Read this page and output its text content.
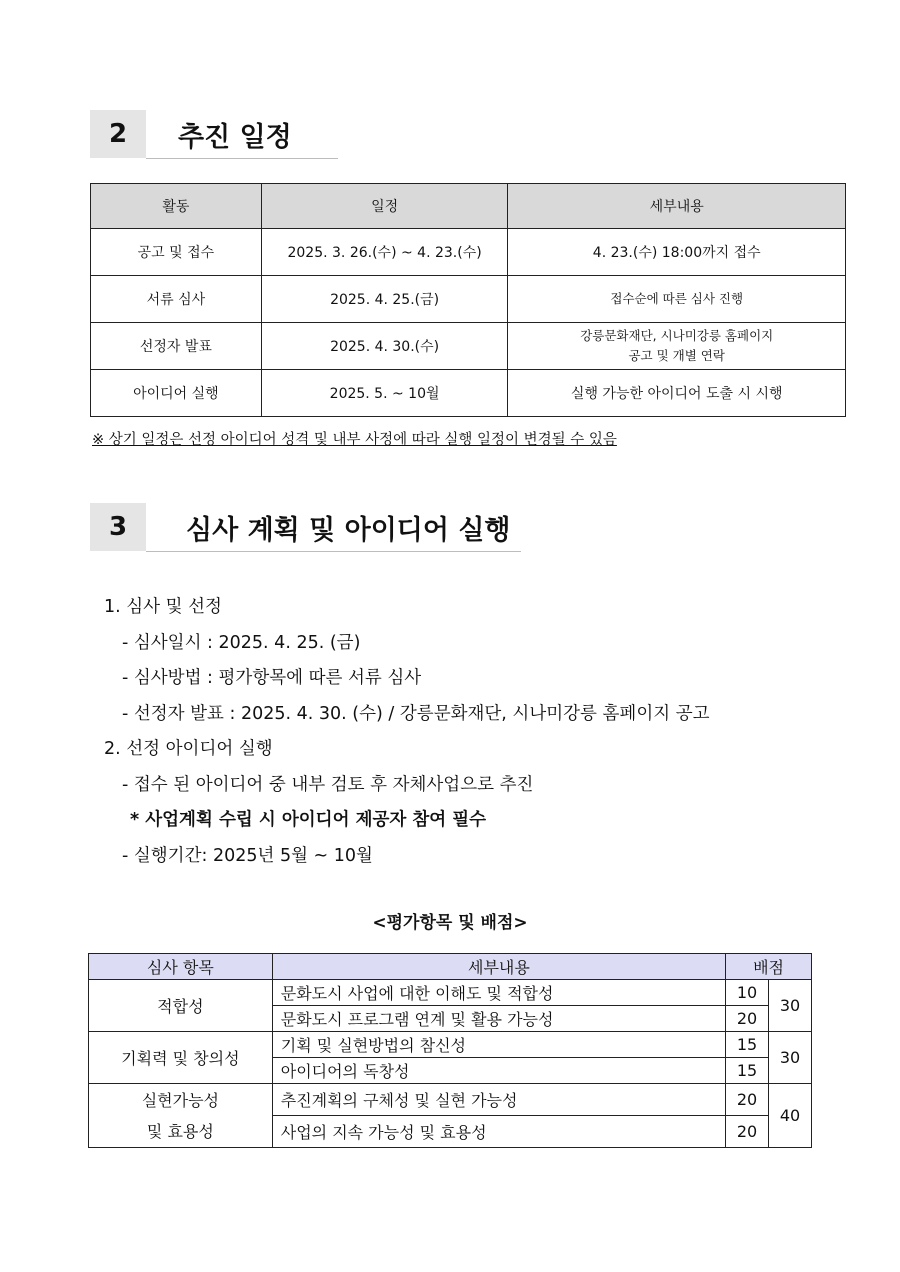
2	추진 일정
활동	일정	세부내용
공고 및 접수	2025. 3. 26.(수) ~ 4. 23.(수)	4. 23.(수) 18:00까지 접수
서류 심사	2025. 4. 25.(금)	접수순에 따른 심사 진행
선정자 발표	2025. 4. 30.(수)	강릉문화재단, 시나미강릉 홈페이지
공고 및 개별 연락

아이디어 실행	2025. 5. ~ 10월	실행 가능한 아이디어 도출 시 시행
※ 상기 일정은 선정 아이디어 성격 및 내부 사정에 따라 실행 일정이 변경될 수 있음
3	심사 계획 및 아이디어 실행
1. 심사 및 선정
- 심사일시 : 2025. 4. 25. (금)
- 심사방법 : 평가항목에 따른 서류 심사
- 선정자 발표 : 2025. 4. 30. (수) / 강릉문화재단, 시나미강릉 홈페이지 공고
2. 선정 아이디어 실행
- 접수 된 아이디어 중 내부 검토 후 자체사업으로 추진
* 사업계획 수립 시 아이디어 제공자 참여 필수
- 실행기간: 2025년 5월 ~ 10월
<평가항목 및 배점>
심사 항목	세부내용	배점	
적합성	문화도시 사업에 대한 이해도 및 적합성	10	30
	문화도시 프로그램 연계 및 활용 가능성	20	
기획력 및 창의성	기획 및 실현방법의 참신성	15	30
	아이디어의 독창성	15	

실현가능성
및 효용성	추진계획의 구체성 및 실현 가능성	20	40
	사업의 지속 가능성 및 효용성	20	
